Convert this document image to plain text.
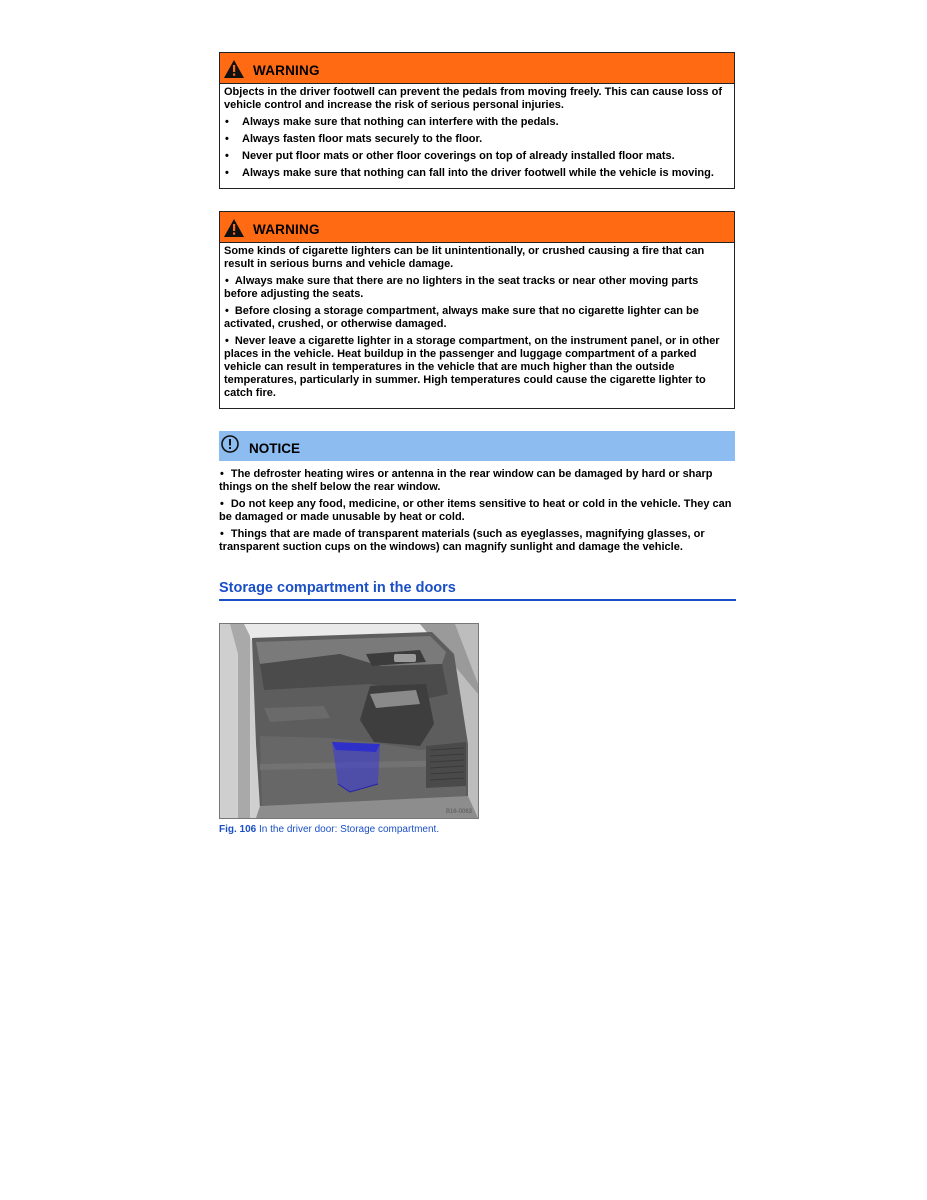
WARNING

Objects in the driver footwell can prevent the pedals from moving freely. This can cause loss of vehicle control and increase the risk of serious personal injuries.

•	Always make sure that nothing can interfere with the pedals.
•	Always fasten floor mats securely to the floor.
•	Never put floor mats or other floor coverings on top of already installed floor mats.
•	Always make sure that nothing can fall into the driver footwell while the vehicle is moving.
WARNING

Some kinds of cigarette lighters can be lit unintentionally, or crushed causing a fire that can result in serious burns and vehicle damage.

• Always make sure that there are no lighters in the seat tracks or near other moving parts before adjusting the seats.
• Before closing a storage compartment, always make sure that no cigarette lighter can be activated, crushed, or otherwise damaged.
• Never leave a cigarette lighter in a storage compartment, on the instrument panel, or in other places in the vehicle. Heat buildup in the passenger and luggage compartment of a parked vehicle can result in temperatures in the vehicle that are much higher than the outside temperatures, particularly in summer. High temperatures could cause the cigarette lighter to catch fire.
NOTICE
• The defroster heating wires or antenna in the rear window can be damaged by hard or sharp things on the shelf below the rear window.
• Do not keep any food, medicine, or other items sensitive to heat or cold in the vehicle. They can be damaged or made unusable by heat or cold.
• Things that are made of transparent materials (such as eyeglasses, magnifying glasses, or transparent suction cups on the windows) can magnify sunlight and damage the vehicle.
Storage compartment in the doors
B16-0063
Fig. 106 In the driver door: Storage compartment.
